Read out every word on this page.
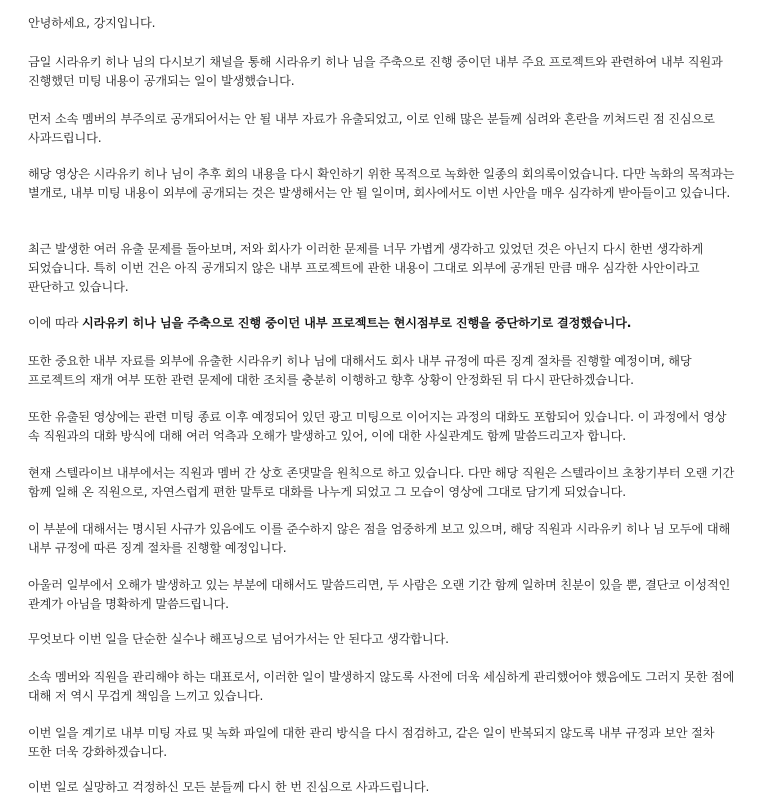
안녕하세요, 강지입니다.

금일 시라유키 히나 님의 다시보기 채널을 통해 시라유키 히나 님을 주축으로 진행 중이던 내부 주요 프로젝트와 관련하여 내부 직원과 진행했던 미팅 내용이 공개되는 일이 발생했습니다.

먼저 소속 멤버의 부주의로 공개되어서는 안 될 내부 자료가 유출되었고, 이로 인해 많은 분들께 심려와 혼란을 끼쳐드린 점 진심으로 사과드립니다.

해당 영상은 시라유키 히나 님이 추후 회의 내용을 다시 확인하기 위한 목적으로 녹화한 일종의 회의록이었습니다. 다만 녹화의 목적과는 별개로, 내부 미팅 내용이 외부에 공개되는 것은 발생해서는 안 될 일이며, 회사에서도 이번 사안을 매우 심각하게 받아들이고 있습니다.

최근 발생한 여러 유출 문제를 돌아보며, 저와 회사가 이러한 문제를 너무 가볍게 생각하고 있었던 것은 아닌지 다시 한번 생각하게 되었습니다. 특히 이번 건은 아직 공개되지 않은 내부 프로젝트에 관한 내용이 그대로 외부에 공개된 만큼 매우 심각한 사안이라고 판단하고 있습니다.

이에 따라 시라유키 히나 님을 주축으로 진행 중이던 내부 프로젝트는 현시점부로 진행을 중단하기로 결정했습니다.

또한 중요한 내부 자료를 외부에 유출한 시라유키 히나 님에 대해서도 회사 내부 규정에 따른 징계 절차를 진행할 예정이며, 해당 프로젝트의 재개 여부 또한 관련 문제에 대한 조치를 충분히 이행하고 향후 상황이 안정화된 뒤 다시 판단하겠습니다.

또한 유출된 영상에는 관련 미팅 종료 이후 예정되어 있던 광고 미팅으로 이어지는 과정의 대화도 포함되어 있습니다. 이 과정에서 영상 속 직원과의 대화 방식에 대해 여러 억측과 오해가 발생하고 있어, 이에 대한 사실관계도 함께 말씀드리고자 합니다.

현재 스텔라이브 내부에서는 직원과 멤버 간 상호 존댓말을 원칙으로 하고 있습니다. 다만 해당 직원은 스텔라이브 초창기부터 오랜 기간 함께 일해 온 직원으로, 자연스럽게 편한 말투로 대화를 나누게 되었고 그 모습이 영상에 그대로 담기게 되었습니다.

이 부분에 대해서는 명시된 사규가 있음에도 이를 준수하지 않은 점을 엄중하게 보고 있으며, 해당 직원과 시라유키 히나 님 모두에 대해 내부 규정에 따른 징계 절차를 진행할 예정입니다.

아울러 일부에서 오해가 발생하고 있는 부분에 대해서도 말씀드리면, 두 사람은 오랜 기간 함께 일하며 친분이 있을 뿐, 결단코 이성적인 관계가 아님을 명확하게 말씀드립니다.

무엇보다 이번 일을 단순한 실수나 해프닝으로 넘어가서는 안 된다고 생각합니다.

소속 멤버와 직원을 관리해야 하는 대표로서, 이러한 일이 발생하지 않도록 사전에 더욱 세심하게 관리했어야 했음에도 그러지 못한 점에 대해 저 역시 무겁게 책임을 느끼고 있습니다.

이번 일을 계기로 내부 미팅 자료 및 녹화 파일에 대한 관리 방식을 다시 점검하고, 같은 일이 반복되지 않도록 내부 규정과 보안 절차 또한 더욱 강화하겠습니다.

이번 일로 실망하고 걱정하신 모든 분들께 다시 한 번 진심으로 사과드립니다.
